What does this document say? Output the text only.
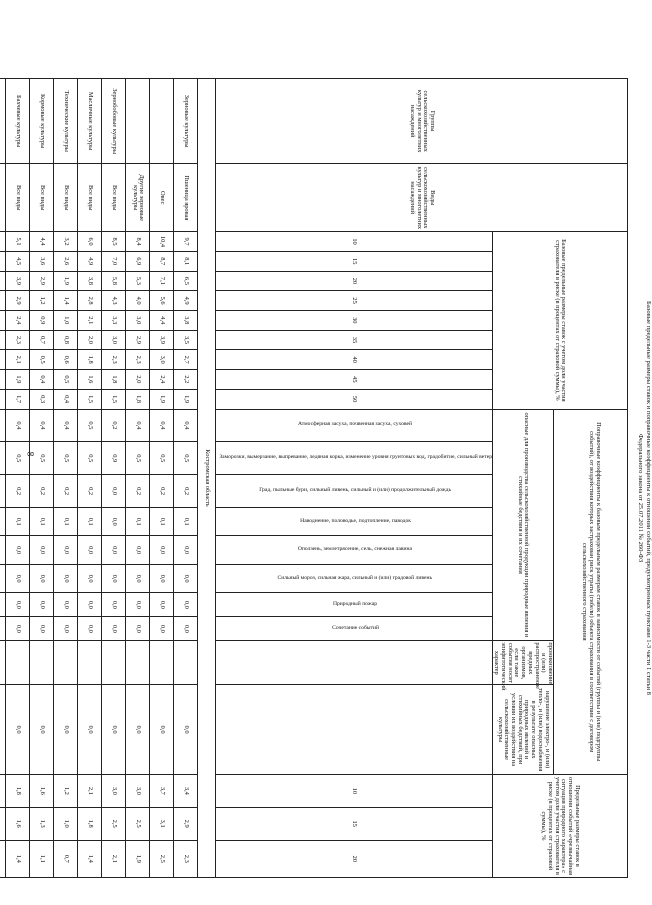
8	Базовые предельные размеры ставок и поправочные коэффициенты к отношении событий, предусмотренных пунктами 1-3 части 1 статьи 8
Федерального закона от 25.07.2011 № 260-ФЗ
Группы сельскохозяйственных культур и многолетних насаждений	Виды сельскохозяйственных культур и многолетних насаждений	Базовые предельные размеры ставок с учетом доли участия страхователя в риске (в процентах от страховой суммы), %									Поправочные коэффициенты к базовым предельным размерам ставок в зависимости от событий (группы и (или) подгруппы событий), от воздействия которых застрахован риск утраты (гибели) объекта страхования в соответствии с договором сельскохозяйственного страхования										Предельные размеры ставок в отношении событий «чрезвычайная ситуация природного характера» с учетом доли участия страхователя в риске (в процентах от страховой суммы), %		
											опасные для производства сельскохозяйственной продукции природные явления и стихийные бедствия и их сочетания								проникновение и (или) распространение вредных организмов, если такие события носят эпифитотический характер	нарушение электро-, и (или) тепло-, и (или) водоснабжения в результате опасных природных явлений и стихийных бедствий, при условии их воздействия на сельскохозяйственные культуры			
		10	15	20	25	30	35	40	45	50	Атмосферная засуха, почвенная засуха, суховей	Заморозки, вымерзание, выпревание, ледяная корка, изменение уровня грунтовых вод, градобитие, сильный ветер	Град, пыльные бури, сильный ливень, сильный и (или) продолжительный дождь	Наводнение, половодье, подтопление, паводок	Оползень, землетрясение, сель, снежная лавина	Сильный мороз, сильная жара, сильный и (или) градовой ливень	Природный пожар	Сочетание событий			10	15	20
Костромская область																							
Зерновые культуры	Пшеница яровая	9,7	8,1	6,5	4,9	3,8	3,5	2,7	2,2	1,9	0,4	0,5	0,2	0,1	0,0	0,0	0,0	0,0		0,0	3,4	2,9	2,3
	Овес	10,4	8,7	7,1	5,6	4,4	3,9	3,0	2,4	1,9	0,4	0,5	0,2	0,1	0,0	0,0	0,0	0,0		0,0	3,7	3,1	2,5
	Другие зерновые культуры	8,4	6,9	5,3	4,0	3,0	2,9	2,3	2,0	1,8	0,4	0,5	0,2	0,1	0,0	0,0	0,0	0,0		0,0	3,0	2,5	1,9
Зернобобовые культуры	Все виды	8,5	7,0	5,8	4,3	3,3	3,0	2,3	1,8	1,5	0,2	0,9	0,0	0,0	0,0	0,0	0,0	0,0		0,0	3,0	2,5	2,1
Масличные культуры	Все виды	6,0	4,9	3,8	2,8	2,1	2,0	1,8	1,6	1,5	0,5	0,5	0,2	0,1	0,0	0,0	0,0	0,0		0,0	2,1	1,8	1,4
Технические культуры	Все виды	3,2	2,6	1,9	1,4	1,0	0,8	0,6	0,5	0,4	0,4	0,5	0,2	0,1	0,0	0,0	0,0	0,0		0,0	1,2	1,0	0,7
Кормовые культуры	Все виды	4,4	3,6	2,9	1,2	0,9	0,7	0,5	0,4	0,3	0,4	0,5	0,2	0,1	0,0	0,0	0,0	0,0		0,0	1,6	1,3	1,1
Бахчевые культуры	Все виды	5,1	4,5	3,9	2,9	2,4	2,3	2,1	1,9	1,7	0,4	0,5	0,2	0,1	0,0	0,0	0,0	0,0		0,0	1,8	1,6	1,4
